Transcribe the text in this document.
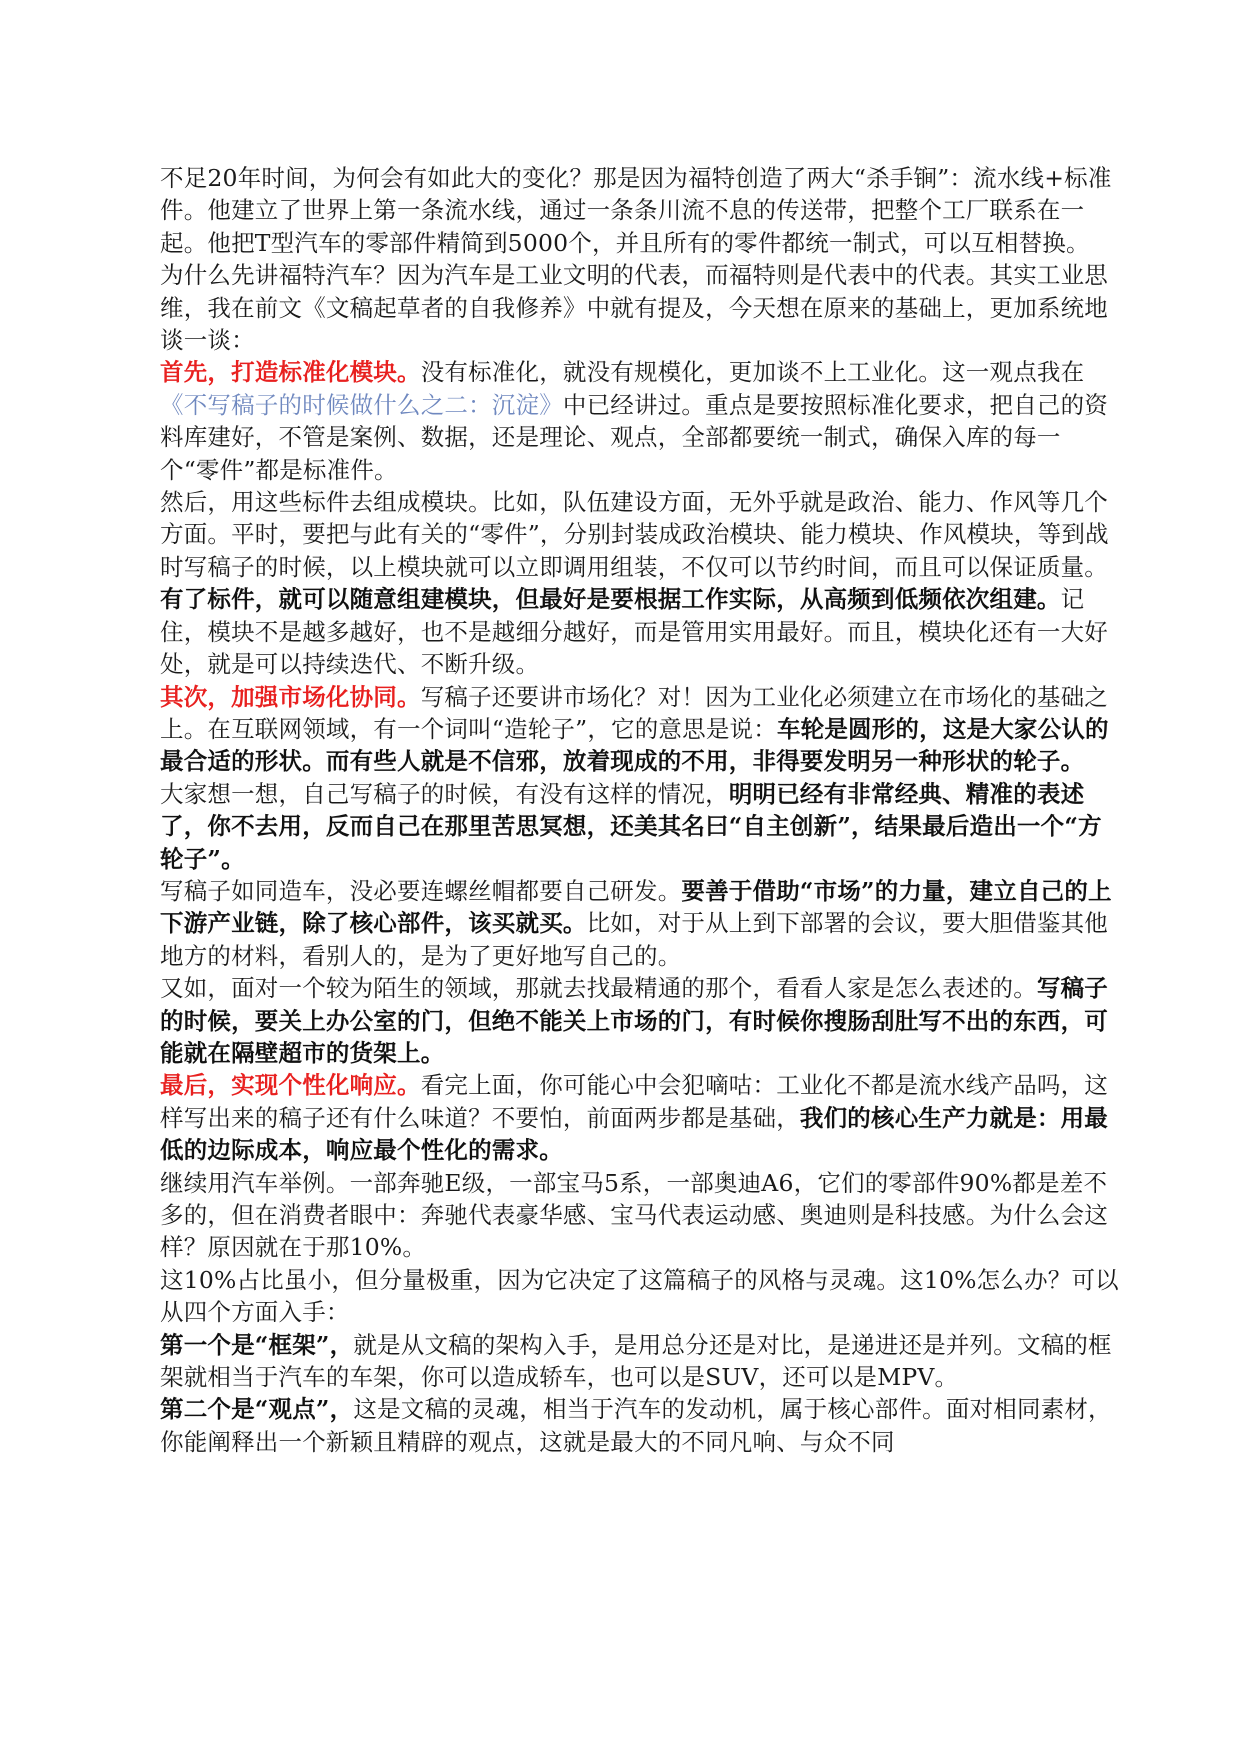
不足20年时间，为何会有如此大的变化？那是因为福特创造了两大“杀手锏”：流水线+标准件。他建立了世界上第一条流水线，通过一条条川流不息的传送带，把整个工厂联系在一起。他把T型汽车的零部件精简到5000个，并且所有的零件都统一制式，可以互相替换。

为什么先讲福特汽车？因为汽车是工业文明的代表，而福特则是代表中的代表。其实工业思维，我在前文《文稿起草者的自我修养》中就有提及，今天想在原来的基础上，更加系统地谈一谈：

首先，打造标准化模块。没有标准化，就没有规模化，更加谈不上工业化。这一观点我在《不写稿子的时候做什么之二：沉淀》中已经讲过。重点是要按照标准化要求，把自己的资料库建好，不管是案例、数据，还是理论、观点，全部都要统一制式，确保入库的每一个“零件”都是标准件。

然后，用这些标件去组成模块。比如，队伍建设方面，无外乎就是政治、能力、作风等几个方面。平时，要把与此有关的“零件”，分别封装成政治模块、能力模块、作风模块，等到战时写稿子的时候，以上模块就可以立即调用组装，不仅可以节约时间，而且可以保证质量。

有了标件，就可以随意组建模块，但最好是要根据工作实际，从高频到低频依次组建。记住，模块不是越多越好，也不是越细分越好，而是管用实用最好。而且，模块化还有一大好处，就是可以持续迭代、不断升级。

其次，加强市场化协同。写稿子还要讲市场化？对！因为工业化必须建立在市场化的基础之上。在互联网领域，有一个词叫“造轮子”，它的意思是说：车轮是圆形的，这是大家公认的最合适的形状。而有些人就是不信邪，放着现成的不用，非得要发明另一种形状的轮子。

大家想一想，自己写稿子的时候，有没有这样的情况，明明已经有非常经典、精准的表述了，你不去用，反而自己在那里苦思冥想，还美其名曰“自主创新”，结果最后造出一个“方轮子”。

写稿子如同造车，没必要连螺丝帽都要自己研发。要善于借助“市场”的力量，建立自己的上下游产业链，除了核心部件，该买就买。比如，对于从上到下部署的会议，要大胆借鉴其他地方的材料，看别人的，是为了更好地写自己的。

又如，面对一个较为陌生的领域，那就去找最精通的那个，看看人家是怎么表述的。写稿子的时候，要关上办公室的门，但绝不能关上市场的门，有时候你搜肠刮肚写不出的东西，可能就在隔壁超市的货架上。

最后，实现个性化响应。看完上面，你可能心中会犯嘀咕：工业化不都是流水线产品吗，这样写出来的稿子还有什么味道？不要怕，前面两步都是基础，我们的核心生产力就是：用最低的边际成本，响应最个性化的需求。

继续用汽车举例。一部奔驰E级，一部宝马5系，一部奥迪A6，它们的零部件90%都是差不多的，但在消费者眼中：奔驰代表豪华感、宝马代表运动感、奥迪则是科技感。为什么会这样？原因就在于那10%。

这10%占比虽小，但分量极重，因为它决定了这篇稿子的风格与灵魂。这10%怎么办？可以从四个方面入手：

第一个是“框架”，就是从文稿的架构入手，是用总分还是对比，是递进还是并列。文稿的框架就相当于汽车的车架，你可以造成轿车，也可以是SUV，还可以是MPV。

第二个是“观点”，这是文稿的灵魂，相当于汽车的发动机，属于核心部件。面对相同素材，你能阐释出一个新颖且精辟的观点，这就是最大的不同凡响、与众不同
